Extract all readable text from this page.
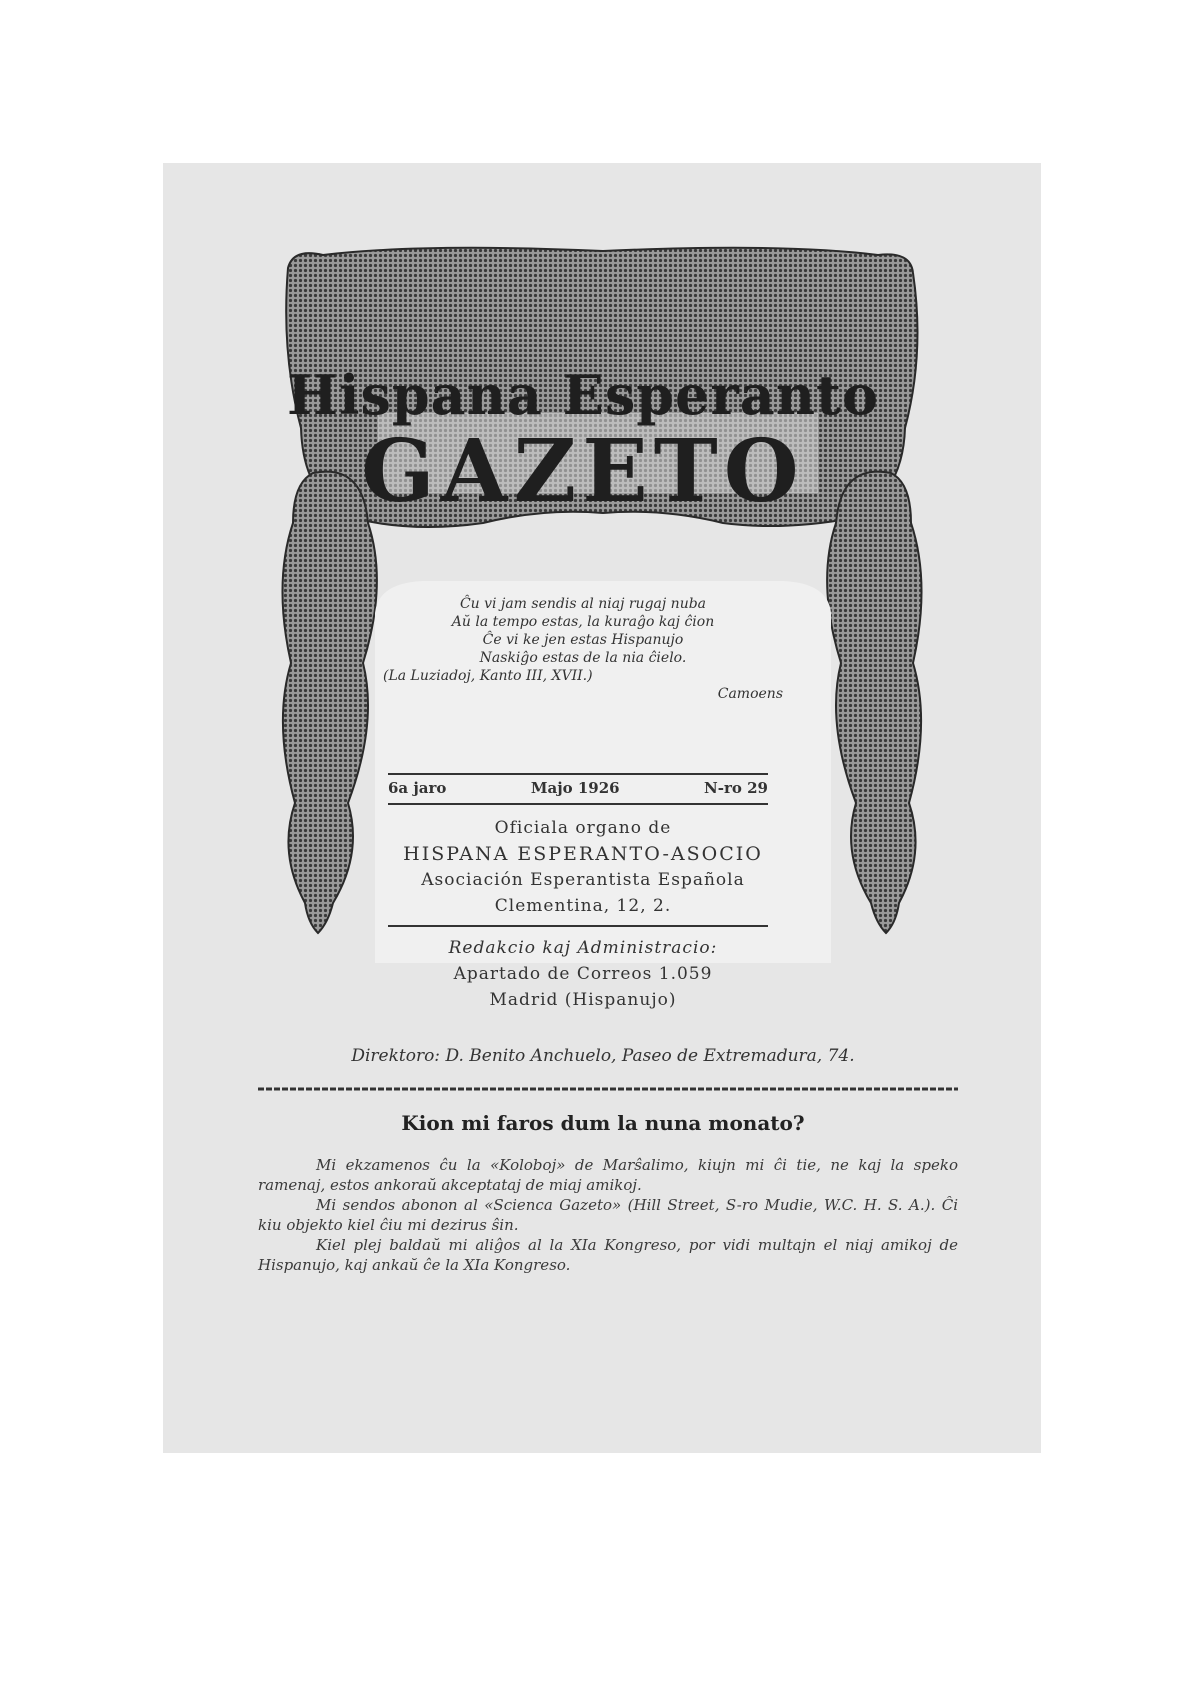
Hispana Esperanto
GAZETO
Ĉu vi jam sendis al niaj rugaj nuba
Aŭ la tempo estas, la kuraĝo kaj ĉion
Ĉe vi ke jen estas Hispanujo
Naskiĝo estas de la nia ĉielo.
(La Luziadoj, Kanto III, XVII.)
Camoens
6a jaro	Majo 1926	N-ro 29
Oficiala organo de
HISPANA ESPERANTO-ASOCIO
Asociación Esperantista Española
Clementina, 12, 2.
Redakcio kaj Administracio:
Apartado de Correos 1.059
Madrid (Hispanujo)
Direktoro: D. Benito Anchuelo, Paseo de Extremadura, 74.
Kion mi faros dum la nuna monato?

Mi ekzamenos ĉu la «Koloboj» de Marŝalimo, kiujn mi ĉi tie, ne kaj la speko ramenaj, estos ankoraŭ akceptataj de miaj amikoj.

Mi sendos abonon al «Scienca Gazeto» (Hill Street, S-ro Mudie, W.C. H. S. A.). Ĉi kiu objekto kiel ĉiu mi dezirus ŝin.

Kiel plej baldaŭ mi aliĝos al la XIa Kongreso, por vidi multajn el niaj amikoj de Hispanujo, kaj ankaŭ ĉe la XIa Kongreso.
